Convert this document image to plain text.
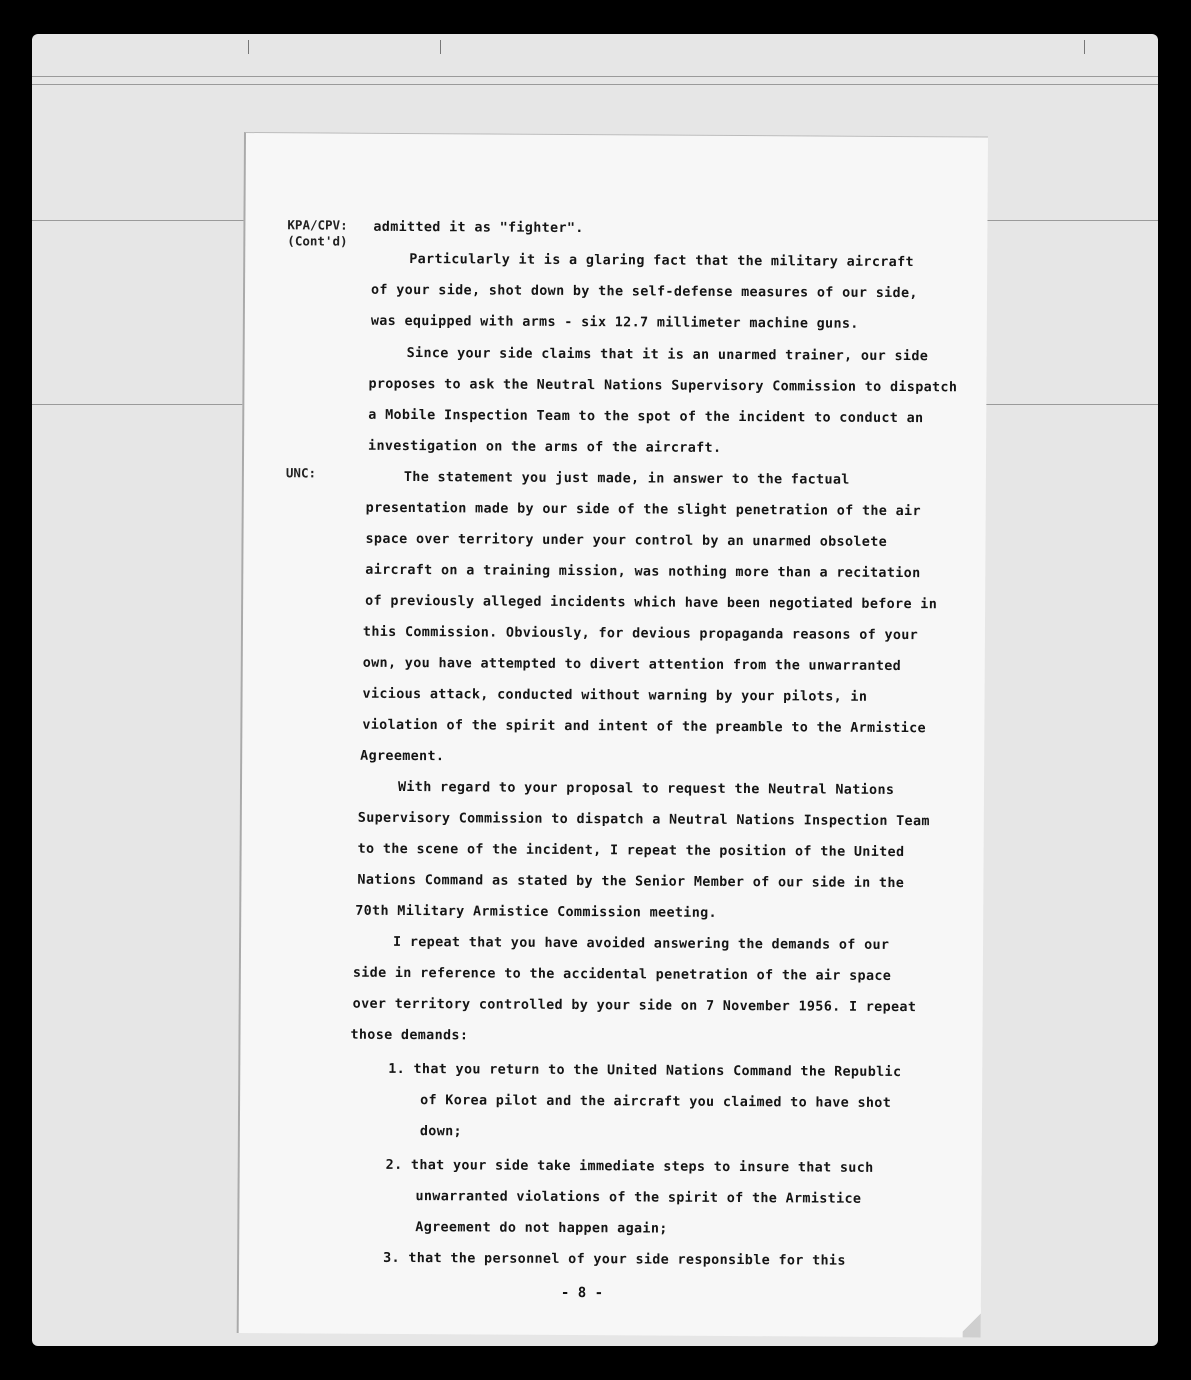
KPA/CPV:
(Cont'd)
UNC:
admitted it as "fighter".
Particularly it is a glaring fact that the military aircraft
of your side, shot down by the self-defense measures of our side,
was equipped with arms - six 12.7 millimeter machine guns.
Since your side claims that it is an unarmed trainer, our side
proposes to ask the Neutral Nations Supervisory Commission to dispatch
a Mobile Inspection Team to the spot of the incident to conduct an
investigation on the arms of the aircraft.
The statement you just made, in answer to the factual
presentation made by our side of the slight penetration of the air
space over territory under your control by an unarmed obsolete
aircraft on a training mission, was nothing more than a recitation
of previously alleged incidents which have been negotiated before in
this Commission. Obviously, for devious propaganda reasons of your
own, you have attempted to divert attention from the unwarranted
vicious attack, conducted without warning by your pilots, in
violation of the spirit and intent of the preamble to the Armistice
Agreement.
With regard to your proposal to request the Neutral Nations
Supervisory Commission to dispatch a Neutral Nations Inspection Team
to the scene of the incident, I repeat the position of the United
Nations Command as stated by the Senior Member of our side in the
70th Military Armistice Commission meeting.
I repeat that you have avoided answering the demands of our
side in reference to the accidental penetration of the air space
over territory controlled by your side on 7 November 1956. I repeat
those demands:
1. that you return to the United Nations Command the Republic
of Korea pilot and the aircraft you claimed to have shot
down;
2. that your side take immediate steps to insure that such
unwarranted violations of the spirit of the Armistice
Agreement do not happen again;
3. that the personnel of your side responsible for this
- 8 -
